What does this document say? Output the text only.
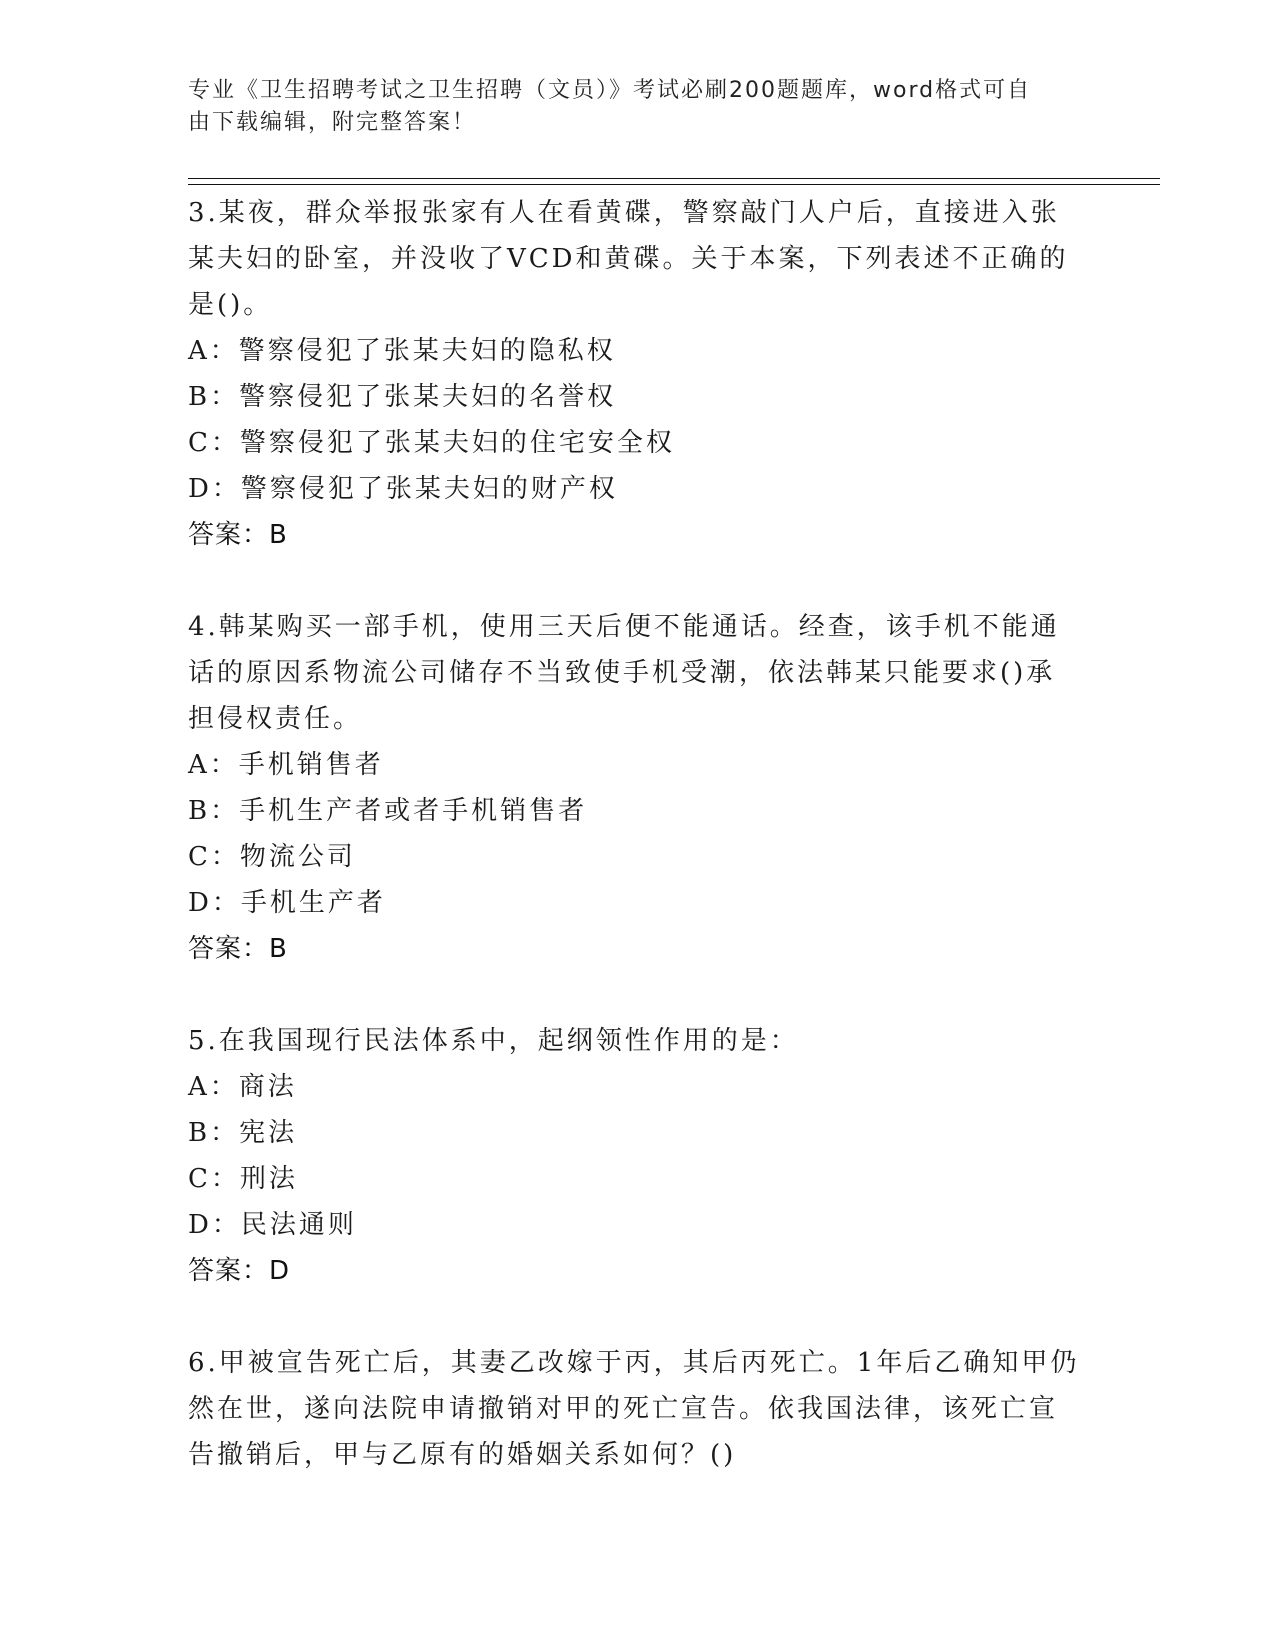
专业《卫生招聘考试之卫生招聘（文员）》考试必刷200题题库，word格式可自
由下载编辑，附完整答案！
3.某夜，群众举报张家有人在看黄碟，警察敲门人户后，直接进入张
某夫妇的卧室，并没收了VCD和黄碟。关于本案，下列表述不正确的
是()。
A：警察侵犯了张某夫妇的隐私权
B：警察侵犯了张某夫妇的名誉权
C：警察侵犯了张某夫妇的住宅安全权
D：警察侵犯了张某夫妇的财产权
答案：B
4.韩某购买一部手机，使用三天后便不能通话。经查，该手机不能通
话的原因系物流公司储存不当致使手机受潮，依法韩某只能要求()承
担侵权责任。
A：手机销售者
B：手机生产者或者手机销售者
C：物流公司
D：手机生产者
答案：B
5.在我国现行民法体系中，起纲领性作用的是：
A：商法
B：宪法
C：刑法
D：民法通则
答案：D
6.甲被宣告死亡后，其妻乙改嫁于丙，其后丙死亡。1年后乙确知甲仍
然在世，遂向法院申请撤销对甲的死亡宣告。依我国法律，该死亡宣
告撤销后，甲与乙原有的婚姻关系如何？()
